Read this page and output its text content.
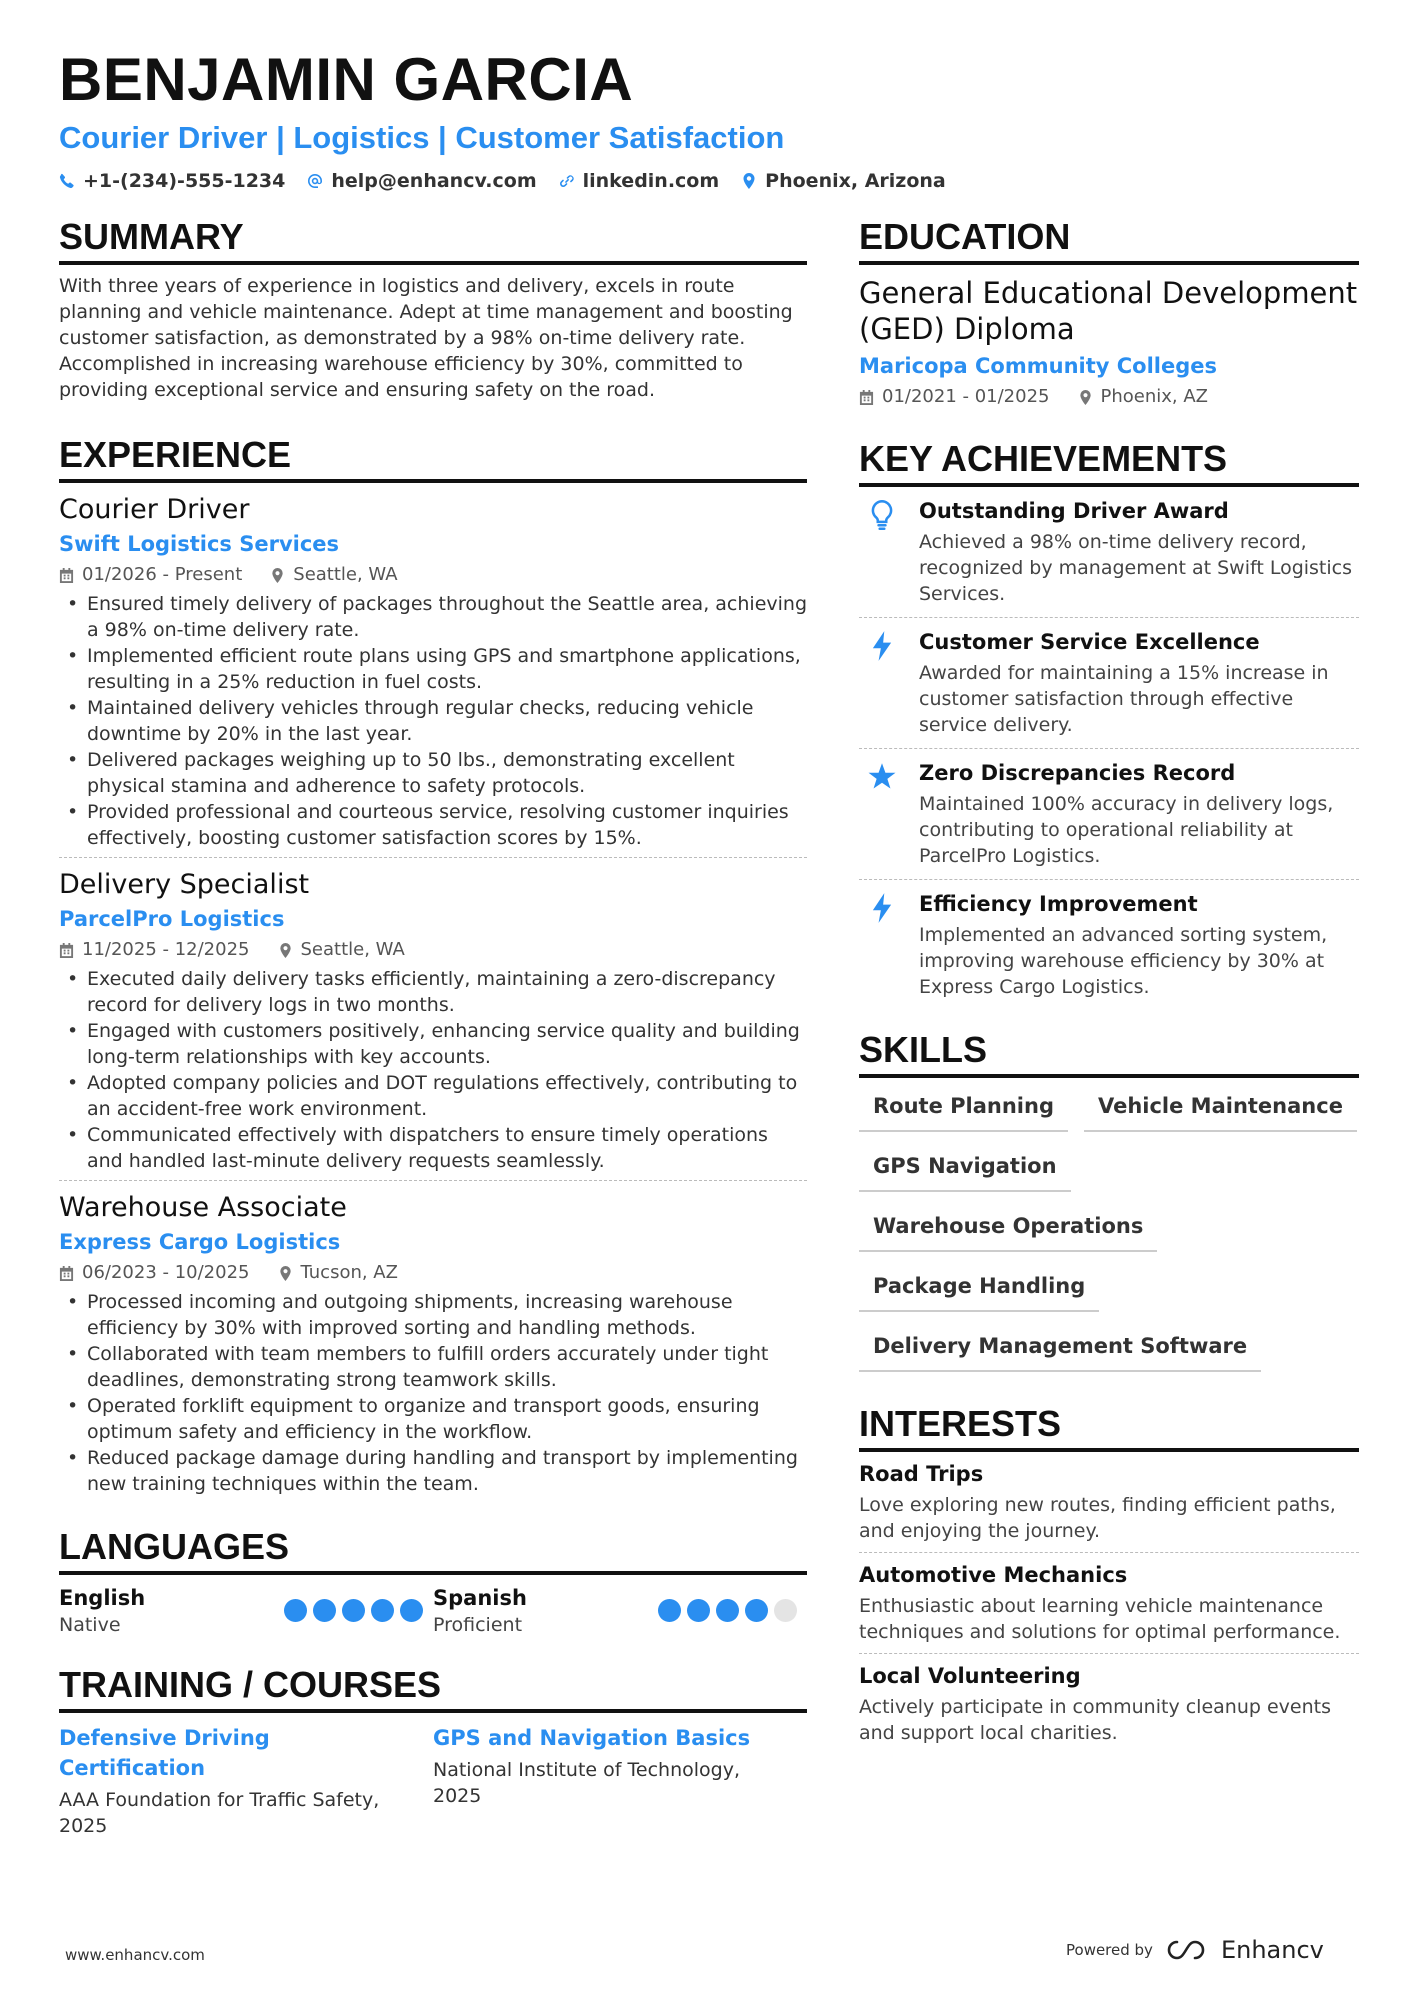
BENJAMIN GARCIA
Courier Driver | Logistics | Customer Satisfaction
+1-(234)-555-1234 help@enhancv.com linkedin.com Phoenix, Arizona
SUMMARY
With three years of experience in logistics and delivery, excels in route planning and vehicle maintenance. Adept at time management and boosting customer satisfaction, as demonstrated by a 98% on-time delivery rate. Accomplished in increasing warehouse efficiency by 30%, committed to providing exceptional service and ensuring safety on the road.
EXPERIENCE
Courier Driver
Swift Logistics Services
01/2026 - Present	Seattle, WA
• Ensured timely delivery of packages throughout the Seattle area, achieving a 98% on-time delivery rate.
• Implemented efficient route plans using GPS and smartphone applications, resulting in a 25% reduction in fuel costs.
• Maintained delivery vehicles through regular checks, reducing vehicle downtime by 20% in the last year.
• Delivered packages weighing up to 50 lbs., demonstrating excellent physical stamina and adherence to safety protocols.
• Provided professional and courteous service, resolving customer inquiries effectively, boosting customer satisfaction scores by 15%.
Delivery Specialist
ParcelPro Logistics
11/2025 - 12/2025	Seattle, WA
• Executed daily delivery tasks efficiently, maintaining a zero-discrepancy record for delivery logs in two months.
• Engaged with customers positively, enhancing service quality and building long-term relationships with key accounts.
• Adopted company policies and DOT regulations effectively, contributing to an accident-free work environment.
• Communicated effectively with dispatchers to ensure timely operations and handled last-minute delivery requests seamlessly.
Warehouse Associate
Express Cargo Logistics
06/2023 - 10/2025	Tucson, AZ
• Processed incoming and outgoing shipments, increasing warehouse efficiency by 30% with improved sorting and handling methods.
• Collaborated with team members to fulfill orders accurately under tight deadlines, demonstrating strong teamwork skills.
• Operated forklift equipment to organize and transport goods, ensuring optimum safety and efficiency in the workflow.
• Reduced package damage during handling and transport by implementing new training techniques within the team.
LANGUAGES
English
Native
Spanish
Proficient
TRAINING / COURSES
Defensive Driving Certification
AAA Foundation for Traffic Safety, 2025
GPS and Navigation Basics
National Institute of Technology, 2025
EDUCATION
General Educational Development (GED) Diploma
Maricopa Community Colleges
01/2021 - 01/2025	Phoenix, AZ
KEY ACHIEVEMENTS
Outstanding Driver Award
Achieved a 98% on-time delivery record, recognized by management at Swift Logistics Services.
Customer Service Excellence
Awarded for maintaining a 15% increase in customer satisfaction through effective service delivery.
Zero Discrepancies Record
Maintained 100% accuracy in delivery logs, contributing to operational reliability at ParcelPro Logistics.
Efficiency Improvement
Implemented an advanced sorting system, improving warehouse efficiency by 30% at Express Cargo Logistics.
SKILLS
Route Planning	Vehicle Maintenance
GPS Navigation
Warehouse Operations
Package Handling
Delivery Management Software
INTERESTS
Road Trips
Love exploring new routes, finding efficient paths, and enjoying the journey.
Automotive Mechanics
Enthusiastic about learning vehicle maintenance techniques and solutions for optimal performance.
Local Volunteering
Actively participate in community cleanup events and support local charities.
www.enhancv.com	Powered by	Enhancv
